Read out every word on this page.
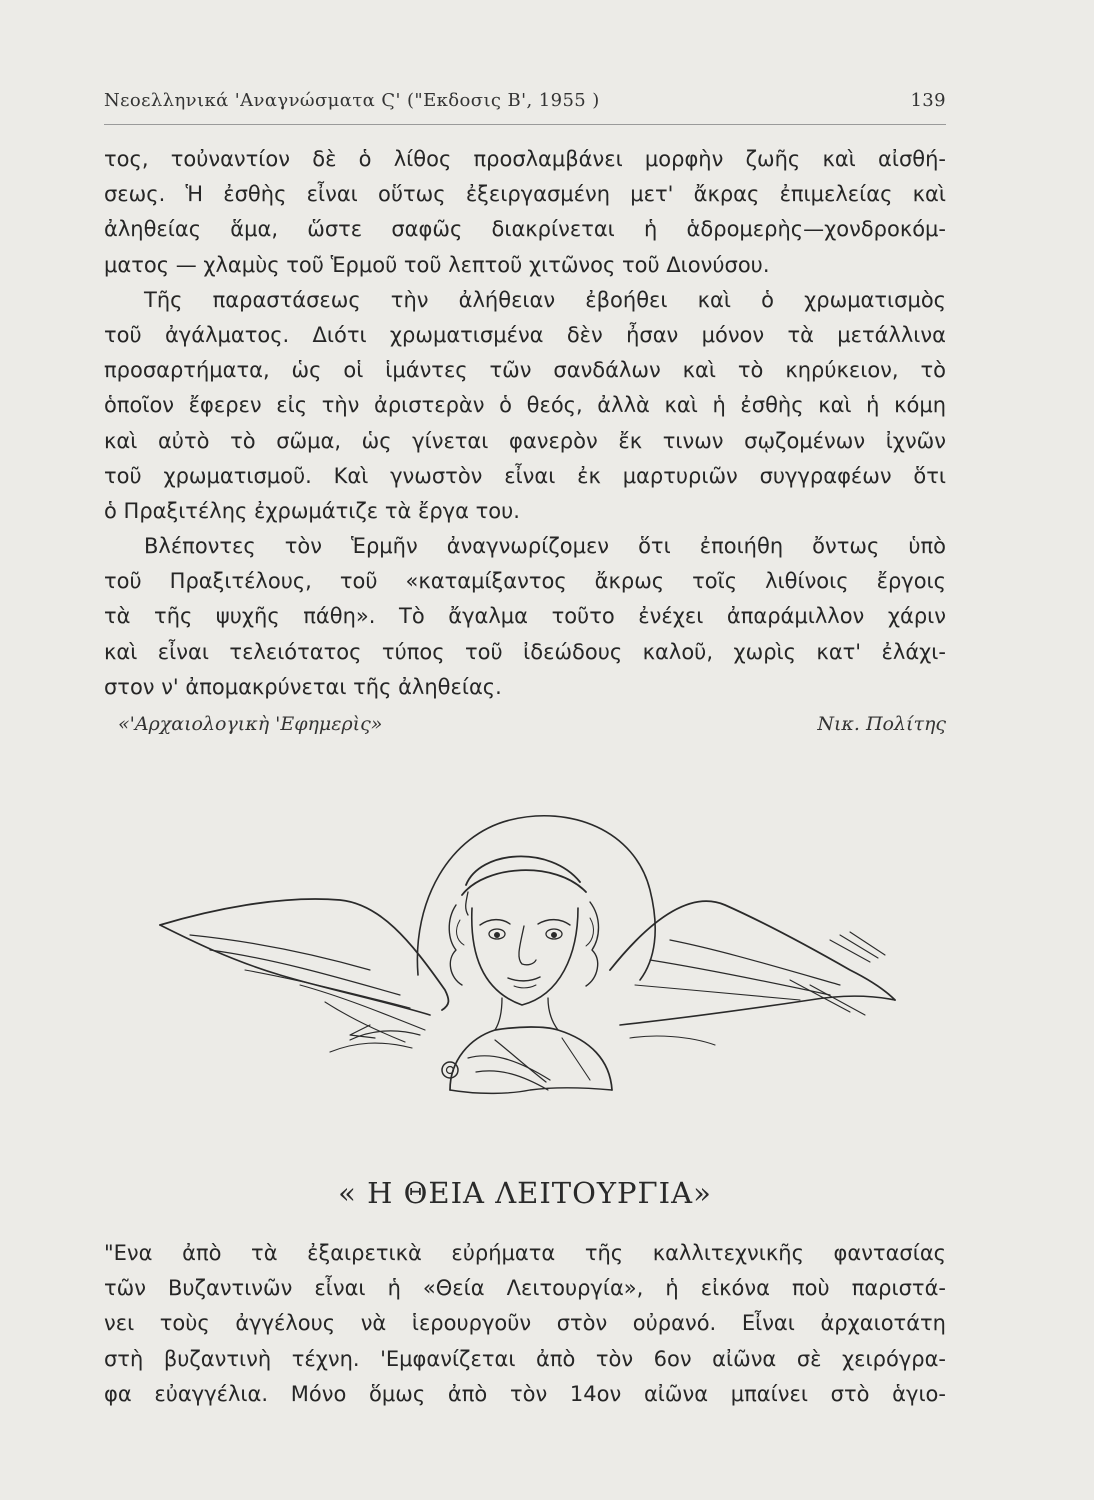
Νεοελληνικά 'Αναγνώσματα Ϛ' ("Εκδοσις Β', 1955 )	139
τος, τοὐναντίον δὲ ὁ λίθος προσλαμβάνει μορφὴν ζωῆς καὶ αἰσθή-
σεως. Ἡ ἐσθὴς εἶναι οὕτως ἐξειργασμένη μετ' ἄκρας ἐπιμελείας καὶ
ἀληθείας ἅμα, ὥστε σαφῶς διακρίνεται ἡ ἁδρομερὴς—χονδροκόμ-
ματος — χλαμὺς τοῦ Ἑρμοῦ τοῦ λεπτοῦ χιτῶνος τοῦ Διονύσου.
Τῆς παραστάσεως τὴν ἀλήθειαν ἐβοήθει καὶ ὁ χρωματισμὸς
τοῦ ἀγάλματος. Διότι χρωματισμένα δὲν ἦσαν μόνον τὰ μετάλλινα
προσαρτήματα, ὡς οἱ ἱμάντες τῶν σανδάλων καὶ τὸ κηρύκειον, τὸ
ὁποῖον ἔφερεν εἰς τὴν ἀριστερὰν ὁ θεός, ἀλλὰ καὶ ἡ ἐσθὴς καὶ ἡ κόμη
καὶ αὐτὸ τὸ σῶμα, ὡς γίνεται φανερὸν ἔκ τινων σῳζομένων ἰχνῶν
τοῦ χρωματισμοῦ. Καὶ γνωστὸν εἶναι ἐκ μαρτυριῶν συγγραφέων ὅτι
ὁ Πραξιτέλης ἐχρωμάτιζε τὰ ἔργα του.
Βλέποντες τὸν Ἑρμῆν ἀναγνωρίζομεν ὅτι ἐποιήθη ὄντως ὑπὸ
τοῦ Πραξιτέλους, τοῦ «καταμίξαντος ἄκρως τοῖς λιθίνοις ἔργοις
τὰ τῆς ψυχῆς πάθη». Τὸ ἄγαλμα τοῦτο ἐνέχει ἀπαράμιλλον χάριν
καὶ εἶναι τελειότατος τύπος τοῦ ἰδεώδους καλοῦ, χωρὶς κατ' ἐλάχι-
στον ν' ἀπομακρύνεται τῆς ἀληθείας.
«'Αρχαιολογικὴ 'Εφημερὶς»	Νικ. Πολίτης
« Η ΘΕΙΑ ΛΕΙΤΟΥΡΓΙΑ»
"Ενα ἀπὸ τὰ ἐξαιρετικὰ εὐρήματα τῆς καλλιτεχνικῆς φαντασίας
τῶν Βυζαντινῶν εἶναι ἡ «Θεία Λειτουργία», ἡ εἰκόνα ποὺ παριστά-
νει τοὺς ἀγγέλους νὰ ἱερουργοῦν στὸν οὐρανό. Εἶναι ἀρχαιοτάτη
στὴ βυζαντινὴ τέχνη. 'Εμφανίζεται ἀπὸ τὸν 6ον αἰῶνα σὲ χειρόγρα-
φα εὐαγγέλια. Μόνο ὅμως ἀπὸ τὸν 14ον αἰῶνα μπαίνει στὸ ἁγιο-
